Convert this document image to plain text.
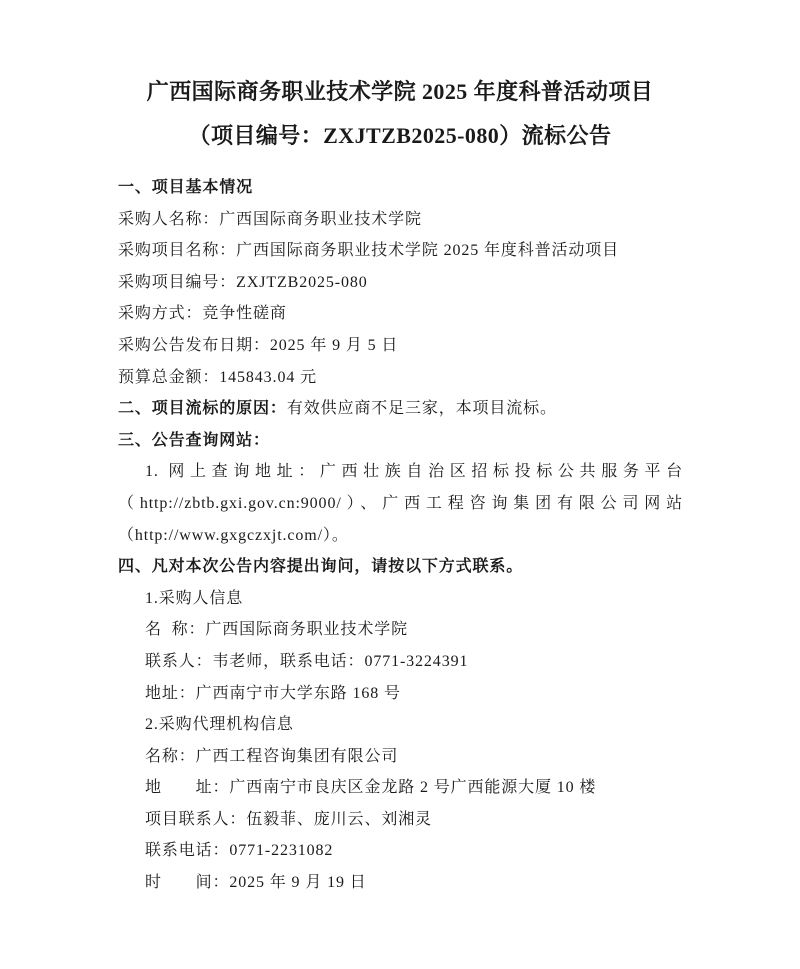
广西国际商务职业技术学院 2025 年度科普活动项目
（项目编号：ZXJTZB2025-080）流标公告
一、项目基本情况
采购人名称：广西国际商务职业技术学院
采购项目名称：广西国际商务职业技术学院 2025 年度科普活动项目
采购项目编号：ZXJTZB2025-080
采购方式：竞争性磋商
采购公告发布日期：2025 年 9 月 5 日
预算总金额：145843.04 元
二、项目流标的原因：有效供应商不足三家，本项目流标。
三、公告查询网站：
1. 网上查询地址：广西壮族自治区招标投标公共服务平台
（http://zbtb.gxi.gov.cn:9000/）、广西工程咨询集团有限公司网站
（http://www.gxgczxjt.com/）。
四、凡对本次公告内容提出询问，请按以下方式联系。
1.采购人信息
名  称：广西国际商务职业技术学院
联系人：韦老师，联系电话：0771-3224391
地址：广西南宁市大学东路 168 号
2.采购代理机构信息
名称：广西工程咨询集团有限公司
地　　址：广西南宁市良庆区金龙路 2 号广西能源大厦 10 楼
项目联系人：伍毅菲、庞川云、刘湘灵
联系电话：0771-2231082
时　　间：2025 年 9 月 19 日
